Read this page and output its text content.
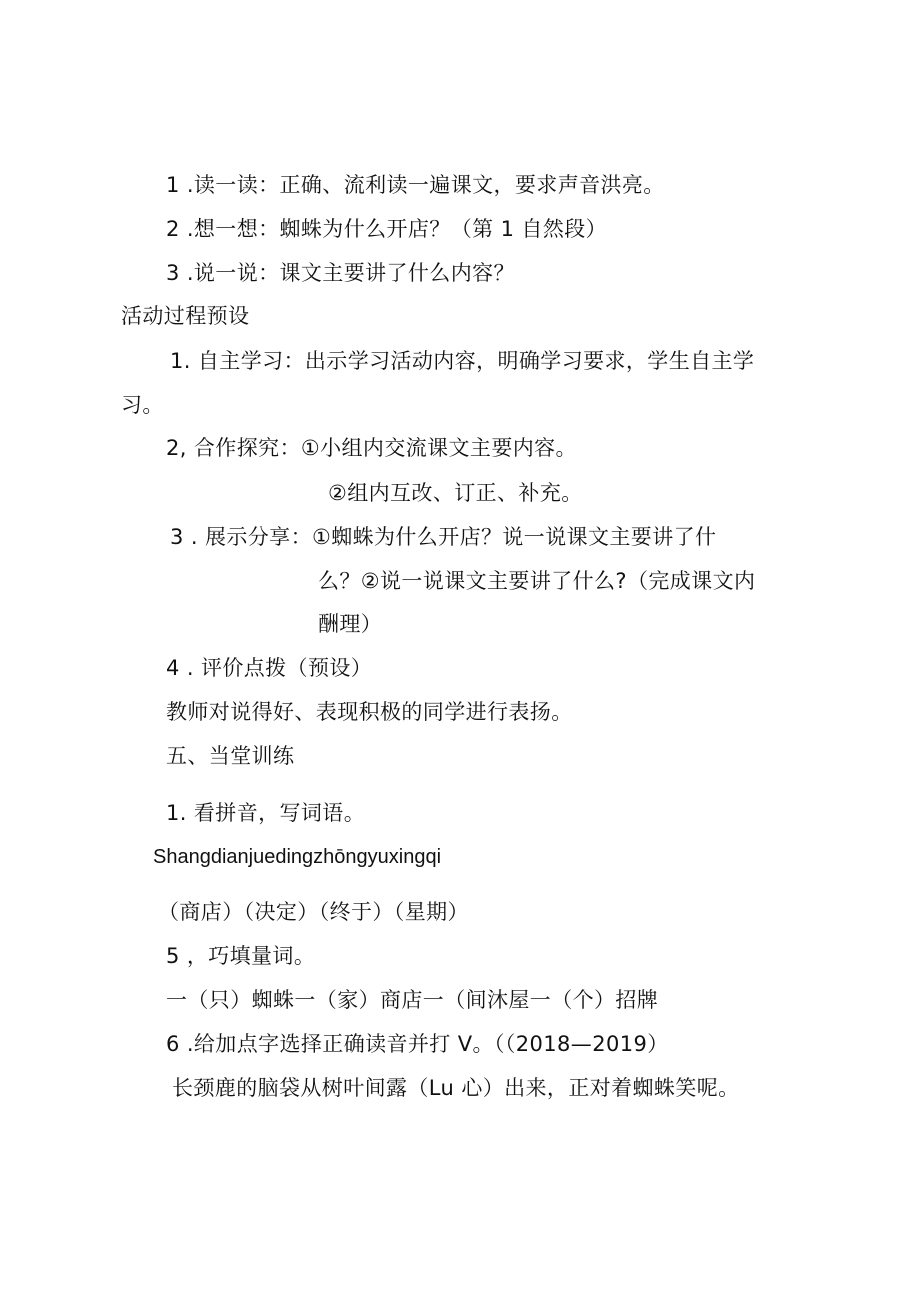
1 .读一读：正确、流利读一遍课文，要求声音洪亮。
2 .想一想：蜘蛛为什么开店？（第 1 自然段）
3 .说一说：课文主要讲了什么内容？
活动过程预设
1. 自主学习：出示学习活动内容，明确学习要求，学生自主学
习。
2, 合作探究：①小组内交流课文主要内容。
②组内互改、订正、补充。
3 . 展示分享：①蜘蛛为什么开店？说一说课文主要讲了什
么？②说一说课文主要讲了什么?（完成课文内
酬理）
4 . 评价点拨（预设）
教师对说得好、表现积极的同学进行表扬。
五、当堂训练
1. 看拼音，写词语。
Shangdianjuedingzhōngyuxingqi
（商店）（决定）（终于）（星期）
5 ，巧填量词。
一（只）蜘蛛一（家）商店一（间沐屋一（个）招牌
6 .给加点字选择正确读音并打 V。（（2018—2019）
长颈鹿的脑袋从树叶间露（Lu 心）出来，正对着蜘蛛笑呢。
